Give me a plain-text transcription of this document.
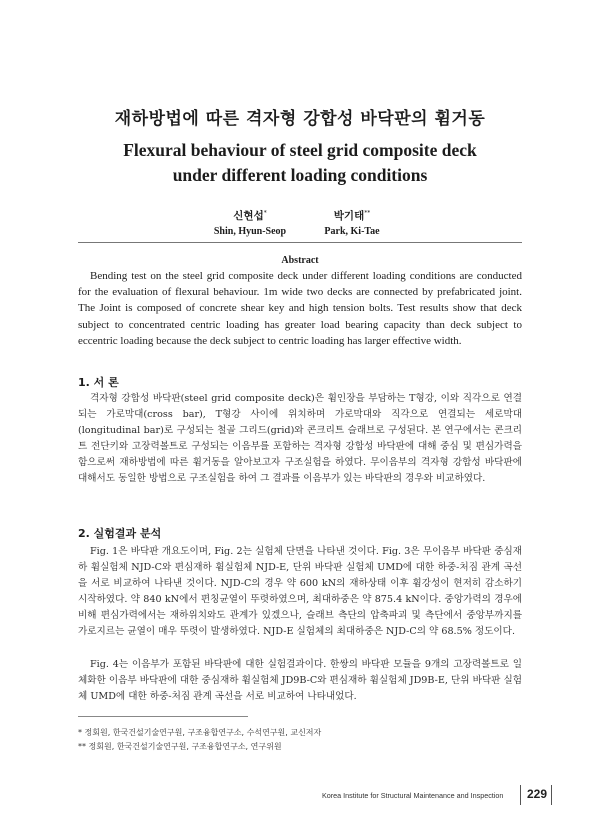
재하방법에 따른 격자형 강합성 바닥판의 휨거동
Flexural behaviour of steel grid composite deck
under different loading conditions
신현섭*
Shin, Hyun-Seop
박기태**
Park, Ki-Tae
Abstract
Bending test on the steel grid composite deck under different loading conditions are conducted for the evaluation of flexural behaviour. 1m wide two decks are connected by prefabricated joint. The Joint is composed of concrete shear key and high tension bolts. Test results show that deck subject to concentrated centric loading has greater load bearing capacity than deck subject to eccentric loading because the deck subject to centric loading has larger effective width.
1. 서 론
격자형 강합성 바닥판(steel grid composite deck)은 휨인장을 부담하는 T형강, 이와 직각으로 연결되는 가로막대(cross bar), T형강 사이에 위치하며 가로막대와 직각으로 연결되는 세로막대(longitudinal bar)로 구성되는 철골 그리드(grid)와 콘크리트 슬래브로 구성된다. 본 연구에서는 콘크리트 전단키와 고장력볼트로 구성되는 이음부를 포함하는 격자형 강합성 바닥판에 대해 중심 및 편심가력을 함으로써 재하방법에 따른 휨거동을 알아보고자 구조실험을 하였다. 무이음부의 격자형 강합성 바닥판에 대해서도 동일한 방법으로 구조실험을 하여 그 결과를 이음부가 있는 바닥판의 경우와 비교하였다.
2. 실험결과 분석
Fig. 1은 바닥판 개요도이며, Fig. 2는 실험체 단면을 나타낸 것이다. Fig. 3은 무이음부 바닥판 중심재하 휨실험체 NJD-C와 편심재하 휨실험체 NJD-E, 단위 바닥판 실험체 UMD에 대한 하중-처짐 관계 곡선을 서로 비교하여 나타낸 것이다. NJD-C의 경우 약 600 kN의 재하상태 이후 휨강성이 현저히 감소하기 시작하였다. 약 840 kN에서 편칭균열이 뚜렷하였으며, 최대하중은 약 875.4 kN이다. 중앙가력의 경우에 비해 편심가력에서는 재하위치와도 관계가 있겠으나, 슬래브 측단의 압축파괴 및 측단에서 중앙부까지를 가로지르는 균열이 매우 뚜렷이 발생하였다. NJD-E 실험체의 최대하중은 NJD-C의 약 68.5% 정도이다.
Fig. 4는 이음부가 포함된 바닥판에 대한 실험결과이다. 한쌍의 바닥판 모듈을 9개의 고장력볼트로 일체화한 이음부 바닥판에 대한 중심재하 휨실험체 JD9B-C와 편심재하 휨실험체 JD9B-E, 단위 바닥판 실험체 UMD에 대한 하중-처짐 관계 곡선을 서로 비교하여 나타내었다.
* 정회원, 한국건설기술연구원, 구조융합연구소, 수석연구원, 교신저자
** 정회원, 한국건설기술연구원, 구조융합연구소, 연구위원
Korea Institute for Structural Maintenance and Inspection 229
